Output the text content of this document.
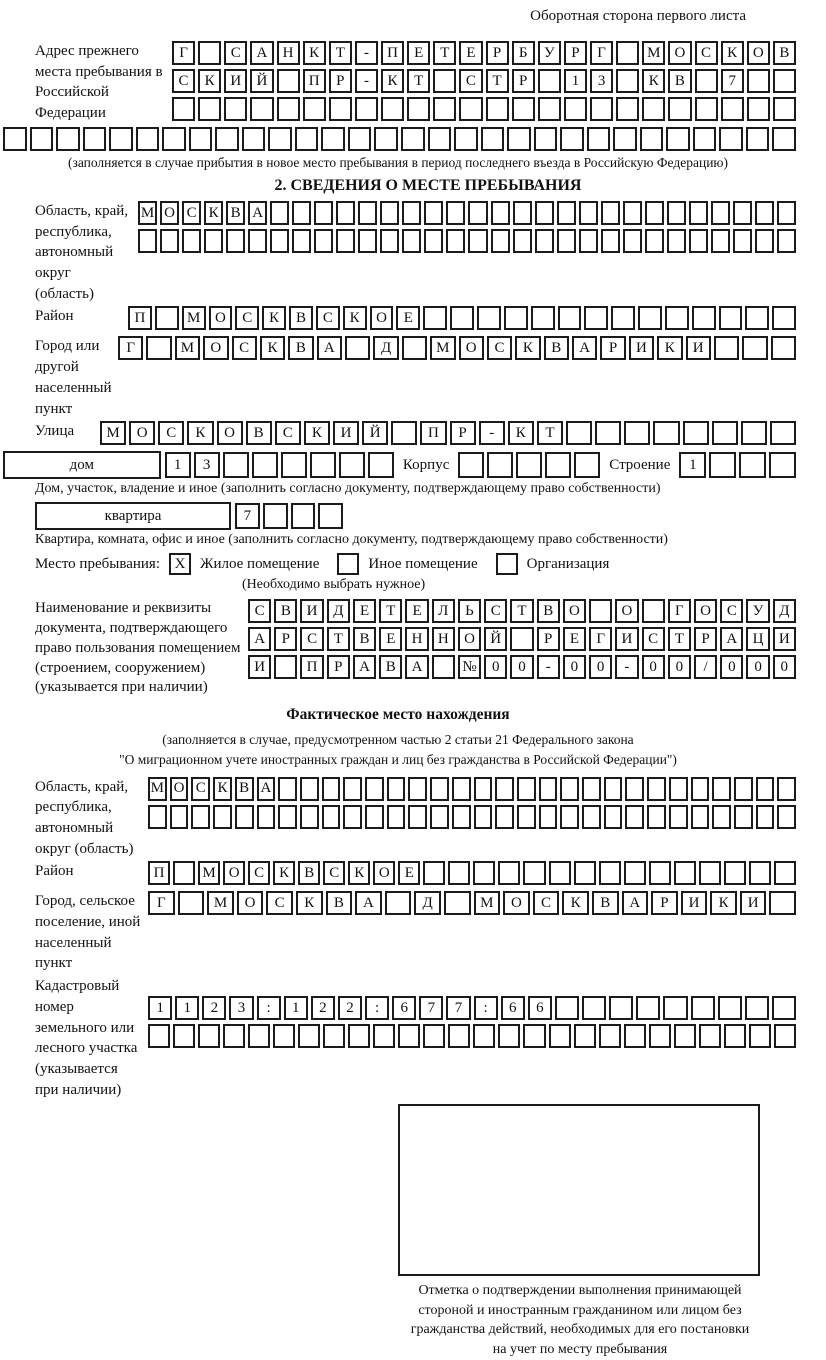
Оборотная сторона первого листа
Адрес прежнего места пребывания в Российской Федерации
Г	С	А	Н	К	Т	-	П	Е	Т	Е	Р	Б	У	Р	Г	М О	С	К	О	В
С	К	И	Й	П	Р	-	К	Т	С	Т	Р	1	3	К	В	7
(заполняется в случае прибытия в новое место пребывания в период последнего въезда в Российскую Федерацию)
2. СВЕДЕНИЯ О МЕСТЕ ПРЕБЫВАНИЯ
Область, край, республика, автономный округ (область)
М О С К В А
Район	П	М О	С	К	В	С	К	О	Е
Город или другой населенный пункт
Г	М	О	С	К	В	А	Д	М	О	С	К	В	А	Р	И	К	И
Улица	М	О	С	К	О	В	С	К	И	Й	П	Р	-	К	Т
дом	1	3	Корпус	Строение	1
Дом, участок, владение и иное (заполнить согласно документу, подтверждающему право собственности)
квартира	7
Квартира, комната, офис и иное (заполнить согласно документу, подтверждающему право собственности)
Место пребывания: X Жилое помещение	Иное помещение	Организация
(Необходимо выбрать нужное)
Наименование и реквизиты документа, подтверждающего право пользования помещением (строением, сооружением) (указывается при наличии)
С	В	И	Д	Е	Т	Е	Л	Ь	С	Т	В	О	О	Г	О	С	У	Д
А	Р	С	Т	В	Е	Н	Н	О	Й	Р	Е	Г	И	С	Т	Р	А	Ц	И
И	П	Р	А	В	А	№	0	0	-	0	0	-	0	0	/	0	0	0
Фактическое место нахождения
(заполняется в случае, предусмотренном частью 2 статьи 21 Федерального закона
"О миграционном учете иностранных граждан и лиц без гражданства в Российской Федерации")
Область, край, республика, автономный округ (область)
М О С К В А
Район	П	М О С	К	В	С	К О	Е
Город, сельское поселение, иной населенный пункт
Г	М	О	С	К	В	А	Д	М	О	С	К	В	А	Р	И	К	И
Кадастровый номер земельного или лесного участка (указывается при наличии)
1	1	2	3	:	1	2	2	:	6	7	7	:	6	6
Отметка о подтверждении выполнения принимающей
стороной и иностранным гражданином или лицом без
гражданства действий, необходимых для его постановки
на учет по месту пребывания
